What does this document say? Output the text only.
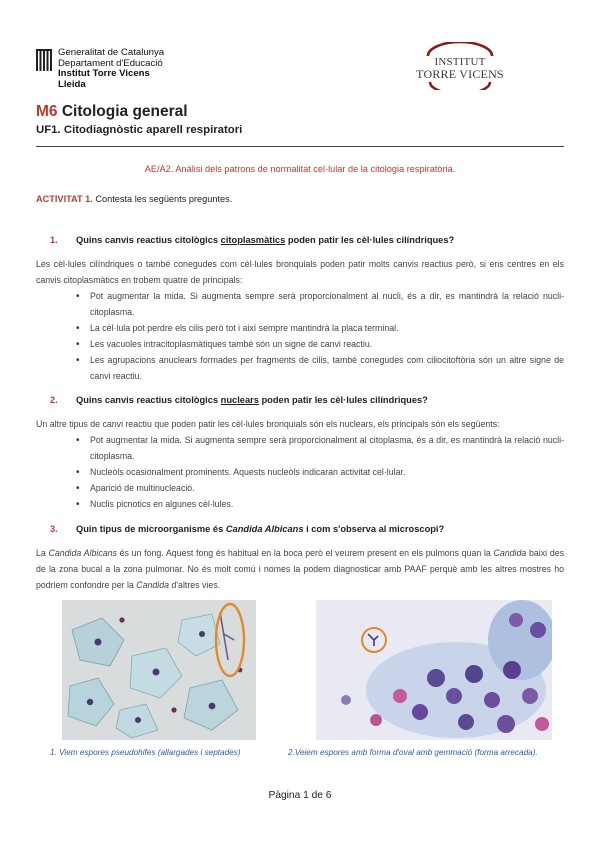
Generalitat de Catalunya
Departament d'Educació
Institut Torre Vicens
Lleida
INSTITUT
TORRE VICENS
M6 Citologia general
UF1. Citodiagnòstic aparell respiratori
AE/A2. Anàlisi dels patrons de normalitat cel·lular de la citologia respiratòria.
ACTIVITAT 1. Contesta les següents preguntes.
1. Quins canvis reactius citològics citoplasmàtics poden patir les cèl·lules cilíndriques?
Les cèl·lules cilíndriques o també conegudes com cèl·lules bronquials poden patir molts canvis reactius però, si ens centres en els canvis citoplasmàtics en trobem quatre de principals:
• Pot augmentar la mida. Si augmenta sempre serà proporcionalment al nucli, és a dir, es mantindrà la relació nucli-citoplasma.
• La cèl·lula pot perdre els cilis però tot i així sempre mantindrà la placa terminal.
• Les vacuoles intracitoplasmàtiques també són un signe de canvi reactiu.
• Les agrupacions anuclears formades per fragments de cilis, també conegudes com ciliocitoftòria són un altre signe de canvi reactiu.
2. Quins canvis reactius citològics nuclears poden patir les cèl·lules cilíndriques?
Un altre tipus de canvi reactiu que poden patir les cèl·lules bronquials són els nuclears, els principals són els següents:
• Pot augmentar la mida. Si augmenta sempre serà proporcionalment al citoplasma, és a dir, es mantindrà la relació nucli-citoplasma.
• Nucleòls ocasionalment prominents. Aquests nucleòls indicaran activitat cel·lular.
• Aparició de multinucleació.
• Nuclis picnotics en algunes cèl·lules.
3. Quin tipus de microorganisme és Candida Albicans i com s'observa al microscopi?
La Candida Albicans és un fong. Aquest fong és habitual en la boca però el veurem present en els pulmons quan la Candida baixi des de la zona bucal a la zona pulmonar. No és molt comú i nomes la podem diagnosticar amb PAAF perquè amb les altres mostres ho podriem confondre per la Candida d'altres vies.
1. Viem espores pseudohifes (allargades i septades)	2.Veiem espores amb forma d'oval amb gemmació (forma arrecada).
Pàgina 1 de 6
